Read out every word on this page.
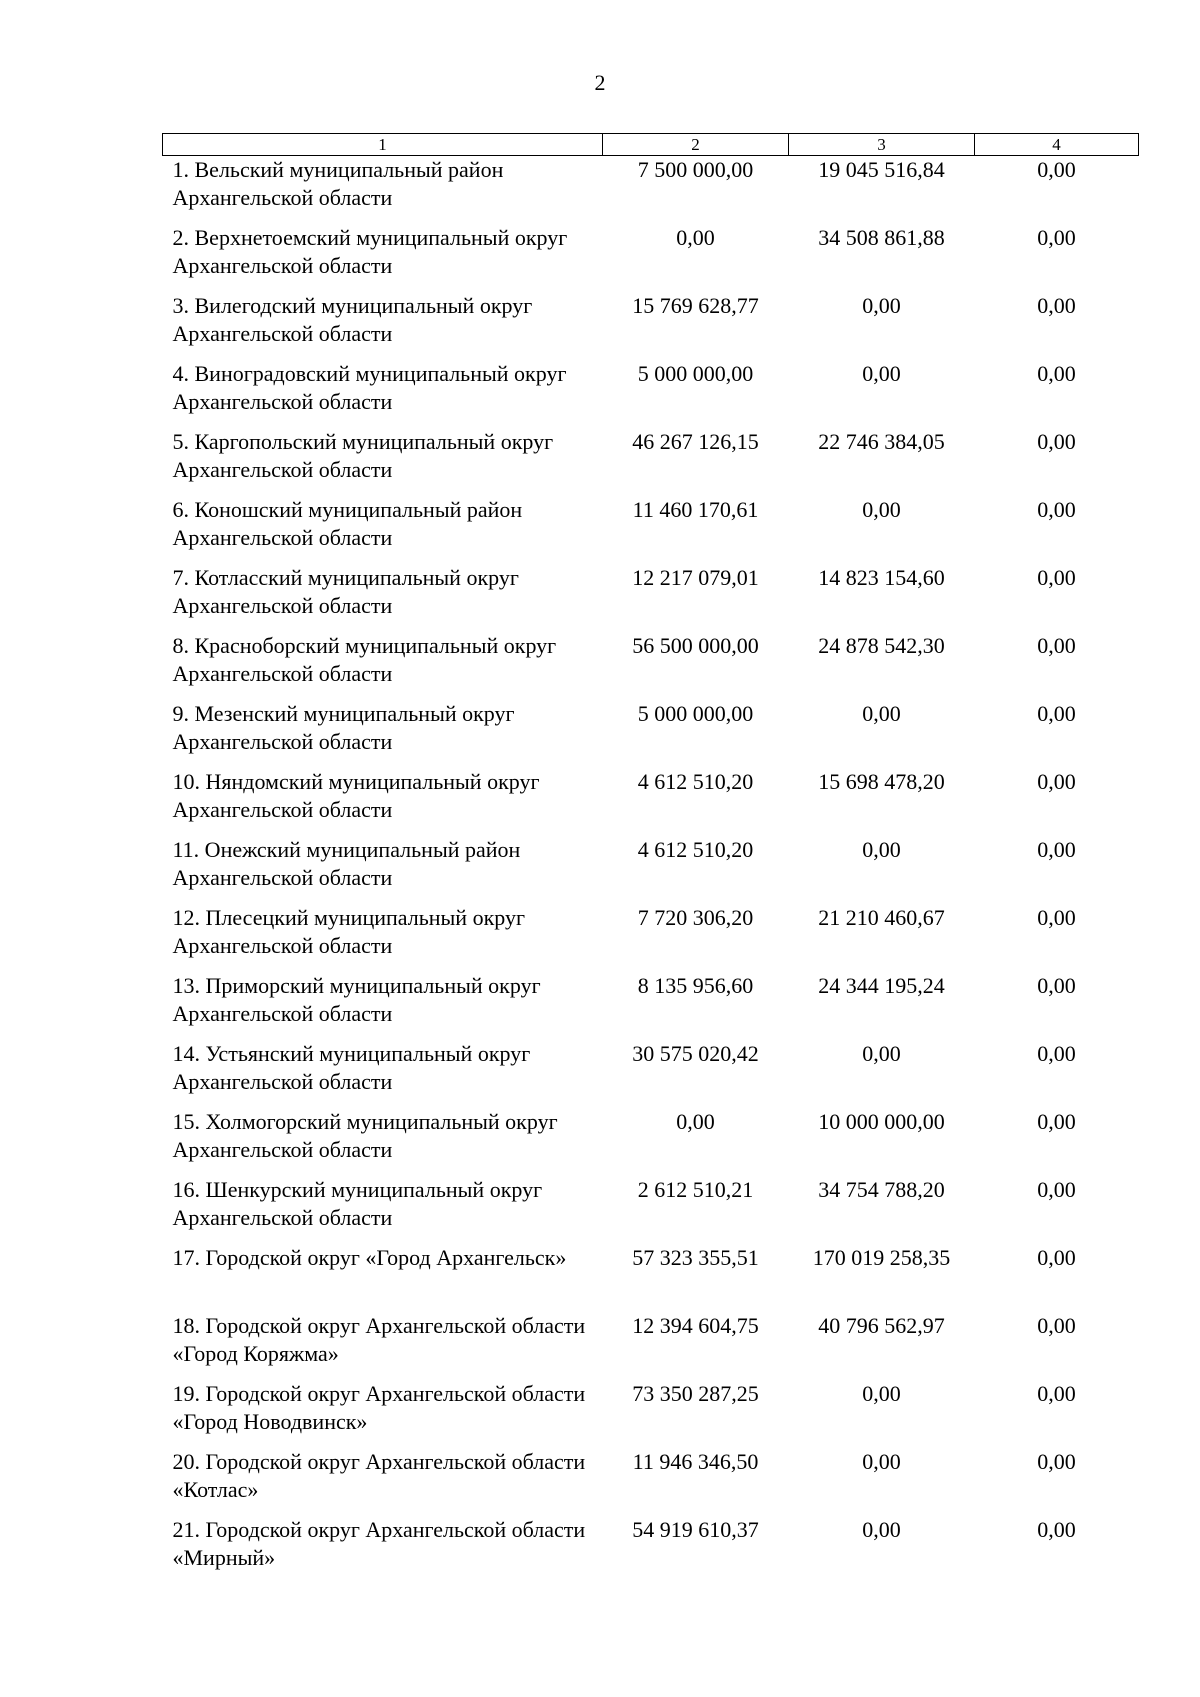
2
1	2	3	4
1. Вельский муниципальный район Архангельской области	7 500 000,00	19 045 516,84	0,00
2. Верхнетоемский муниципальный округ Архангельской области	0,00	34 508 861,88	0,00
3. Вилегодский муниципальный округ Архангельской области	15 769 628,77	0,00	0,00
4. Виноградовский муниципальный округ Архангельской области	5 000 000,00	0,00	0,00
5. Каргопольский муниципальный округ Архангельской области	46 267 126,15	22 746 384,05	0,00
6. Коношский муниципальный район Архангельской области	11 460 170,61	0,00	0,00
7. Котласский муниципальный округ Архангельской области	12 217 079,01	14 823 154,60	0,00
8. Красноборский муниципальный округ Архангельской области	56 500 000,00	24 878 542,30	0,00
9. Мезенский муниципальный округ Архангельской области	5 000 000,00	0,00	0,00
10. Няндомский муниципальный округ Архангельской области	4 612 510,20	15 698 478,20	0,00
11. Онежский муниципальный район Архангельской области	4 612 510,20	0,00	0,00
12. Плесецкий муниципальный округ Архангельской области	7 720 306,20	21 210 460,67	0,00
13. Приморский муниципальный округ Архангельской области	8 135 956,60	24 344 195,24	0,00
14. Устьянский муниципальный округ Архангельской области	30 575 020,42	0,00	0,00
15. Холмогорский муниципальный округ Архангельской области	0,00	10 000 000,00	0,00
16. Шенкурский муниципальный округ Архангельской области	2 612 510,21	34 754 788,20	0,00
17. Городской округ «Город Архангельск»	57 323 355,51	170 019 258,35	0,00
18. Городской округ Архангельской области «Город Коряжма»	12 394 604,75	40 796 562,97	0,00
19. Городской округ Архангельской области «Город Новодвинск»	73 350 287,25	0,00	0,00
20. Городской округ Архангельской области «Котлас»	11 946 346,50	0,00	0,00
21. Городской округ Архангельской области «Мирный»	54 919 610,37	0,00	0,00
